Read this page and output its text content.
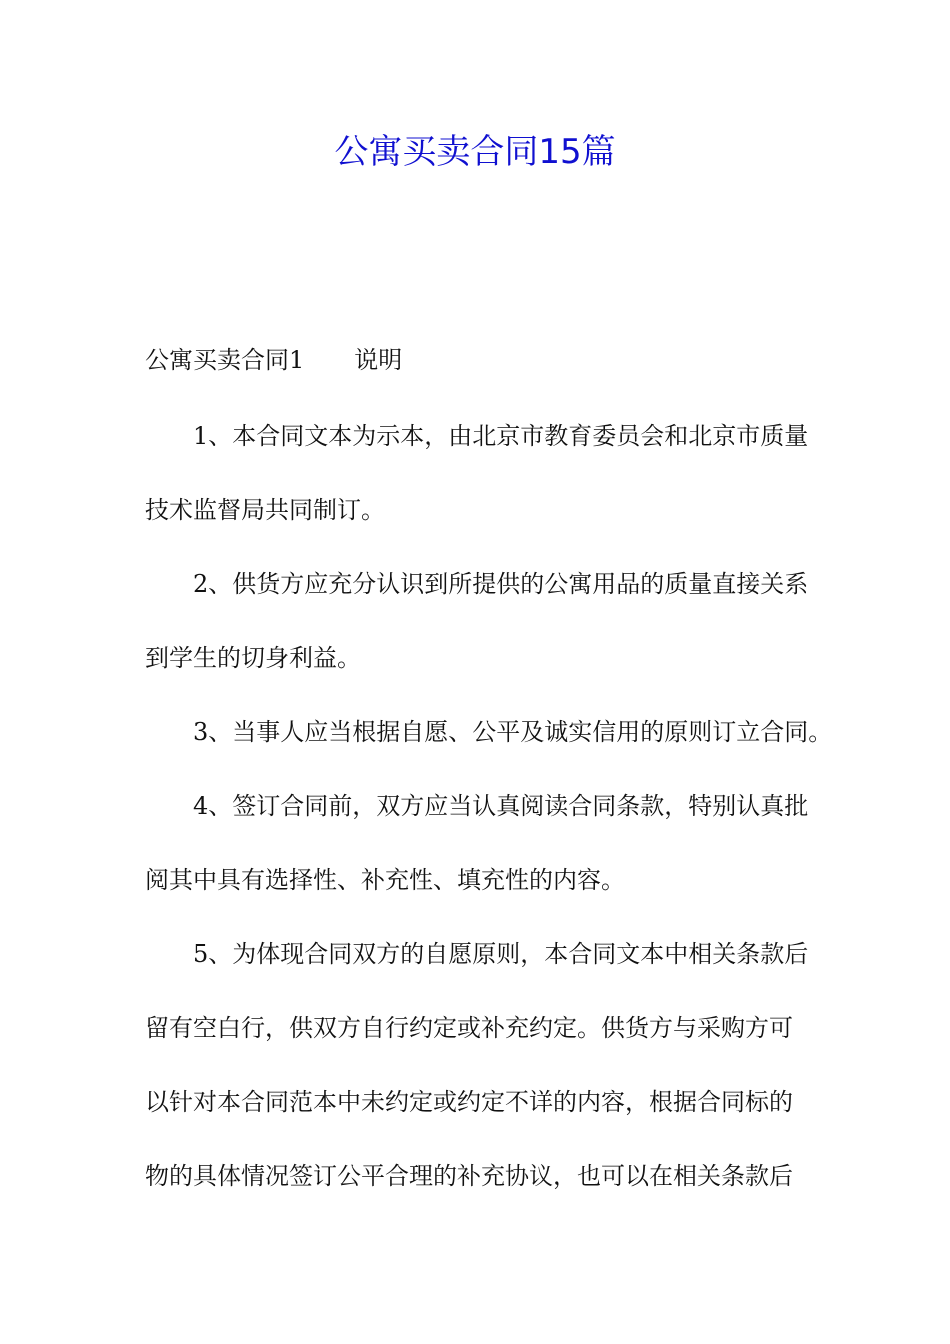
公寓买卖合同15篇

公寓买卖合同1 说明

1、本合同文本为示本，由北京市教育委员会和北京市质量

技术监督局共同制订。

2、供货方应充分认识到所提供的公寓用品的质量直接关系

到学生的切身利益。

3、当事人应当根据自愿、公平及诚实信用的原则订立合同。

4、签订合同前，双方应当认真阅读合同条款，特别认真批

阅其中具有选择性、补充性、填充性的内容。

5、为体现合同双方的自愿原则，本合同文本中相关条款后

留有空白行，供双方自行约定或补充约定。供货方与采购方可

以针对本合同范本中未约定或约定不详的内容，根据合同标的

物的具体情况签订公平合理的补充协议，也可以在相关条款后
